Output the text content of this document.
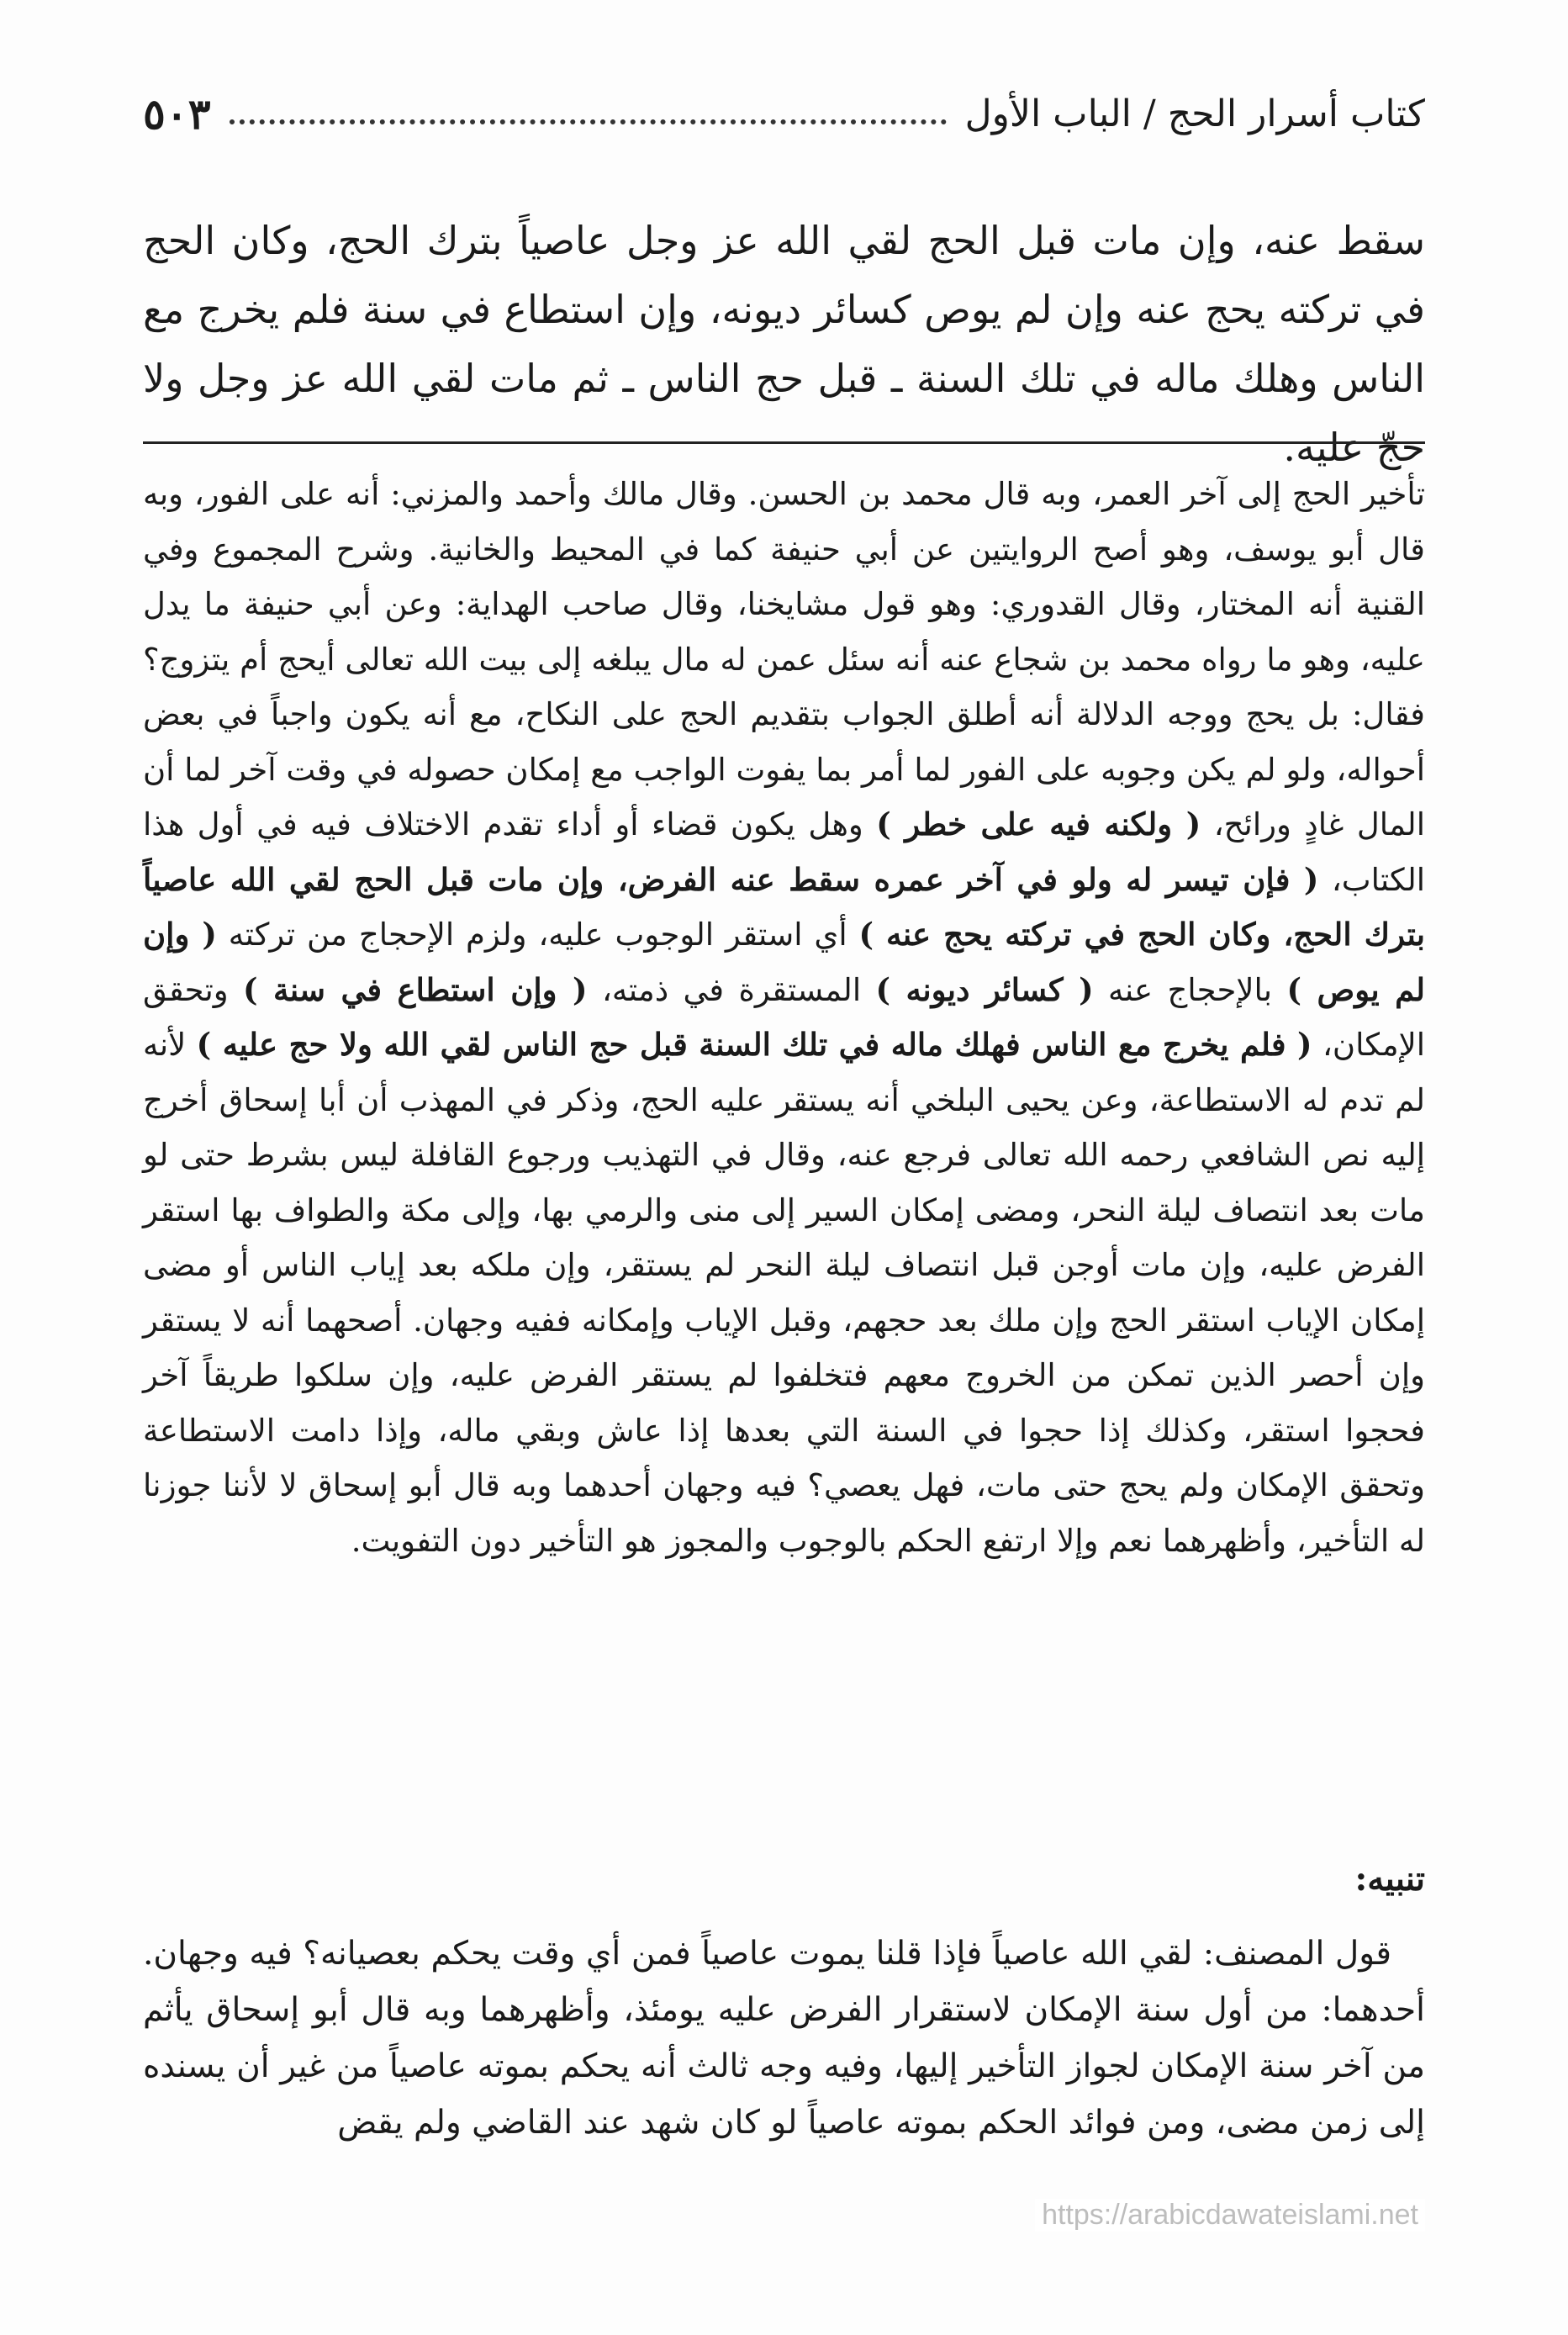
كتاب أسرار الحج / الباب الأول
٥٠٣

سقط عنه، وإن مات قبل الحج لقي الله عز وجل عاصياً بترك الحج، وكان الحج في تركته يحج عنه وإن لم يوص كسائر ديونه، وإن استطاع في سنة فلم يخرج مع الناس وهلك ماله في تلك السنة ـ قبل حج الناس ـ ثم مات لقي الله عز وجل ولا حجّ عليه.

تأخير الحج إلى آخر العمر، وبه قال محمد بن الحسن. وقال مالك وأحمد والمزني: أنه على الفور، وبه قال أبو يوسف، وهو أصح الروايتين عن أبي حنيفة كما في المحيط والخانية. وشرح المجموع وفي القنية أنه المختار، وقال القدوري: وهو قول مشايخنا، وقال صاحب الهداية: وعن أبي حنيفة ما يدل عليه، وهو ما رواه محمد بن شجاع عنه أنه سئل عمن له مال يبلغه إلى بيت الله تعالى أيحج أم يتزوج؟ فقال: بل يحج ووجه الدلالة أنه أطلق الجواب بتقديم الحج على النكاح، مع أنه يكون واجباً في بعض أحواله، ولو لم يكن وجوبه على الفور لما أمر بما يفوت الواجب مع إمكان حصوله في وقت آخر لما أن المال غادٍ ورائح، ( ولكنه فيه على خطر ) وهل يكون قضاء أو أداء تقدم الاختلاف فيه في أول هذا الكتاب، ( فإن تيسر له ولو في آخر عمره سقط عنه الفرض، وإن مات قبل الحج لقي الله عاصياً بترك الحج، وكان الحج في تركته يحج عنه ) أي استقر الوجوب عليه، ولزم الإحجاج من تركته ( وإن لم يوص ) بالإحجاج عنه ( كسائر ديونه ) المستقرة في ذمته، ( وإن استطاع في سنة ) وتحقق الإمكان، ( فلم يخرج مع الناس فهلك ماله في تلك السنة قبل حج الناس لقي الله ولا حج عليه ) لأنه لم تدم له الاستطاعة، وعن يحيى البلخي أنه يستقر عليه الحج، وذكر في المهذب أن أبا إسحاق أخرج إليه نص الشافعي رحمه الله تعالى فرجع عنه، وقال في التهذيب ورجوع القافلة ليس بشرط حتى لو مات بعد انتصاف ليلة النحر، ومضى إمكان السير إلى منى والرمي بها، وإلى مكة والطواف بها استقر الفرض عليه، وإن مات أوجن قبل انتصاف ليلة النحر لم يستقر، وإن ملكه بعد إياب الناس أو مضى إمكان الإياب استقر الحج وإن ملك بعد حجهم، وقبل الإياب وإمكانه ففيه وجهان. أصحهما أنه لا يستقر وإن أحصر الذين تمكن من الخروج معهم فتخلفوا لم يستقر الفرض عليه، وإن سلكوا طريقاً آخر فحجوا استقر، وكذلك إذا حجوا في السنة التي بعدها إذا عاش وبقي ماله، وإذا دامت الاستطاعة وتحقق الإمكان ولم يحج حتى مات، فهل يعصي؟ فيه وجهان أحدهما وبه قال أبو إسحاق لا لأننا جوزنا له التأخير، وأظهرهما نعم وإلا ارتفع الحكم بالوجوب والمجوز هو التأخير دون التفويت.

تنبيه:

قول المصنف: لقي الله عاصياً فإذا قلنا يموت عاصياً فمن أي وقت يحكم بعصيانه؟ فيه وجهان. أحدهما: من أول سنة الإمكان لاستقرار الفرض عليه يومئذ، وأظهرهما وبه قال أبو إسحاق يأثم من آخر سنة الإمكان لجواز التأخير إليها، وفيه وجه ثالث أنه يحكم بموته عاصياً من غير أن يسنده إلى زمن مضى، ومن فوائد الحكم بموته عاصياً لو كان شهد عند القاضي ولم يقض

https://arabicdawateislami.net
